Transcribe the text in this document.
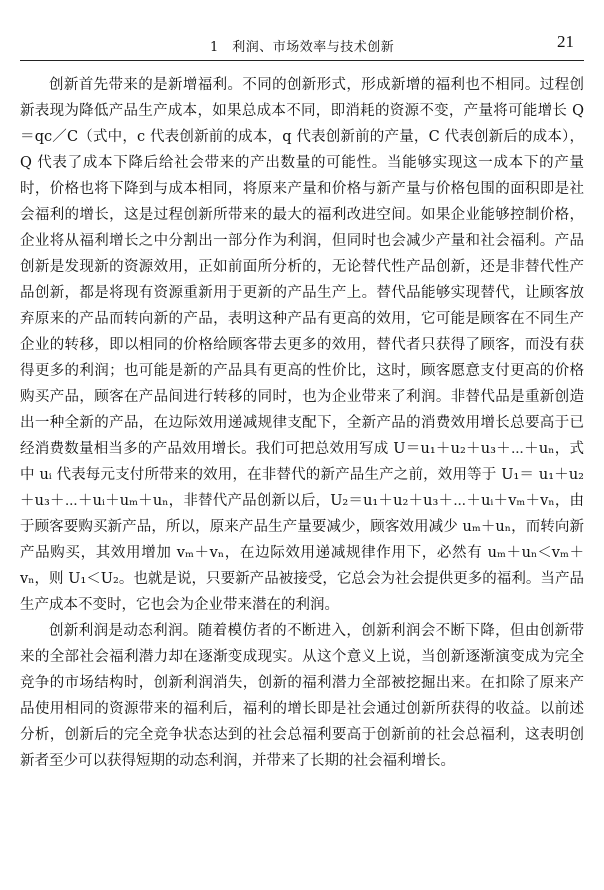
1　利润、市场效率与技术创新	21

创新首先带来的是新增福利。不同的创新形式，形成新增的福利也不相同。过程创新表现为降低产品生产成本，如果总成本不同，即消耗的资源不变，产量将可能增长 Q＝qc／C（式中，c 代表创新前的成本，q 代表创新前的产量，C 代表创新后的成本），Q 代表了成本下降后给社会带来的产出数量的可能性。当能够实现这一成本下的产量时，价格也将下降到与成本相同，将原来产量和价格与新产量与价格包围的面积即是社会福利的增长，这是过程创新所带来的最大的福利改进空间。如果企业能够控制价格，企业将从福利增长之中分割出一部分作为利润，但同时也会减少产量和社会福利。产品创新是发现新的资源效用，正如前面所分析的，无论替代性产品创新，还是非替代性产品创新，都是将现有资源重新用于更新的产品生产上。替代品能够实现替代，让顾客放弃原来的产品而转向新的产品，表明这种产品有更高的效用，它可能是顾客在不同生产企业的转移，即以相同的价格给顾客带去更多的效用，替代者只获得了顾客，而没有获得更多的利润；也可能是新的产品具有更高的性价比，这时，顾客愿意支付更高的价格购买产品，顾客在产品间进行转移的同时，也为企业带来了利润。非替代品是重新创造出一种全新的产品，在边际效用递减规律支配下，全新产品的消费效用增长总要高于已经消费数量相当多的产品效用增长。我们可把总效用写成 U＝u₁＋u₂＋u₃＋⋯＋uₙ，式中 uᵢ 代表每元支付所带来的效用，在非替代的新产品生产之前，效用等于 U₁＝ u₁＋u₂＋u₃＋⋯＋uᵢ＋uₘ＋uₙ，非替代产品创新以后，U₂＝u₁＋u₂＋u₃＋⋯＋uᵢ＋vₘ＋vₙ，由于顾客要购买新产品，所以，原来产品生产量要减少，顾客效用减少 uₘ＋uₙ，而转向新产品购买，其效用增加 vₘ＋vₙ，在边际效用递减规律作用下，必然有 uₘ＋uₙ＜vₘ＋vₙ，则 U₁＜U₂。也就是说，只要新产品被接受，它总会为社会提供更多的福利。当产品生产成本不变时，它也会为企业带来潜在的利润。

创新利润是动态利润。随着模仿者的不断进入，创新利润会不断下降，但由创新带来的全部社会福利潜力却在逐渐变成现实。从这个意义上说，当创新逐渐演变成为完全竞争的市场结构时，创新利润消失，创新的福利潜力全部被挖掘出来。在扣除了原来产品使用相同的资源带来的福利后，福利的增长即是社会通过创新所获得的收益。以前述分析，创新后的完全竞争状态达到的社会总福利要高于创新前的社会总福利，这表明创新者至少可以获得短期的动态利润，并带来了长期的社会福利增长。
